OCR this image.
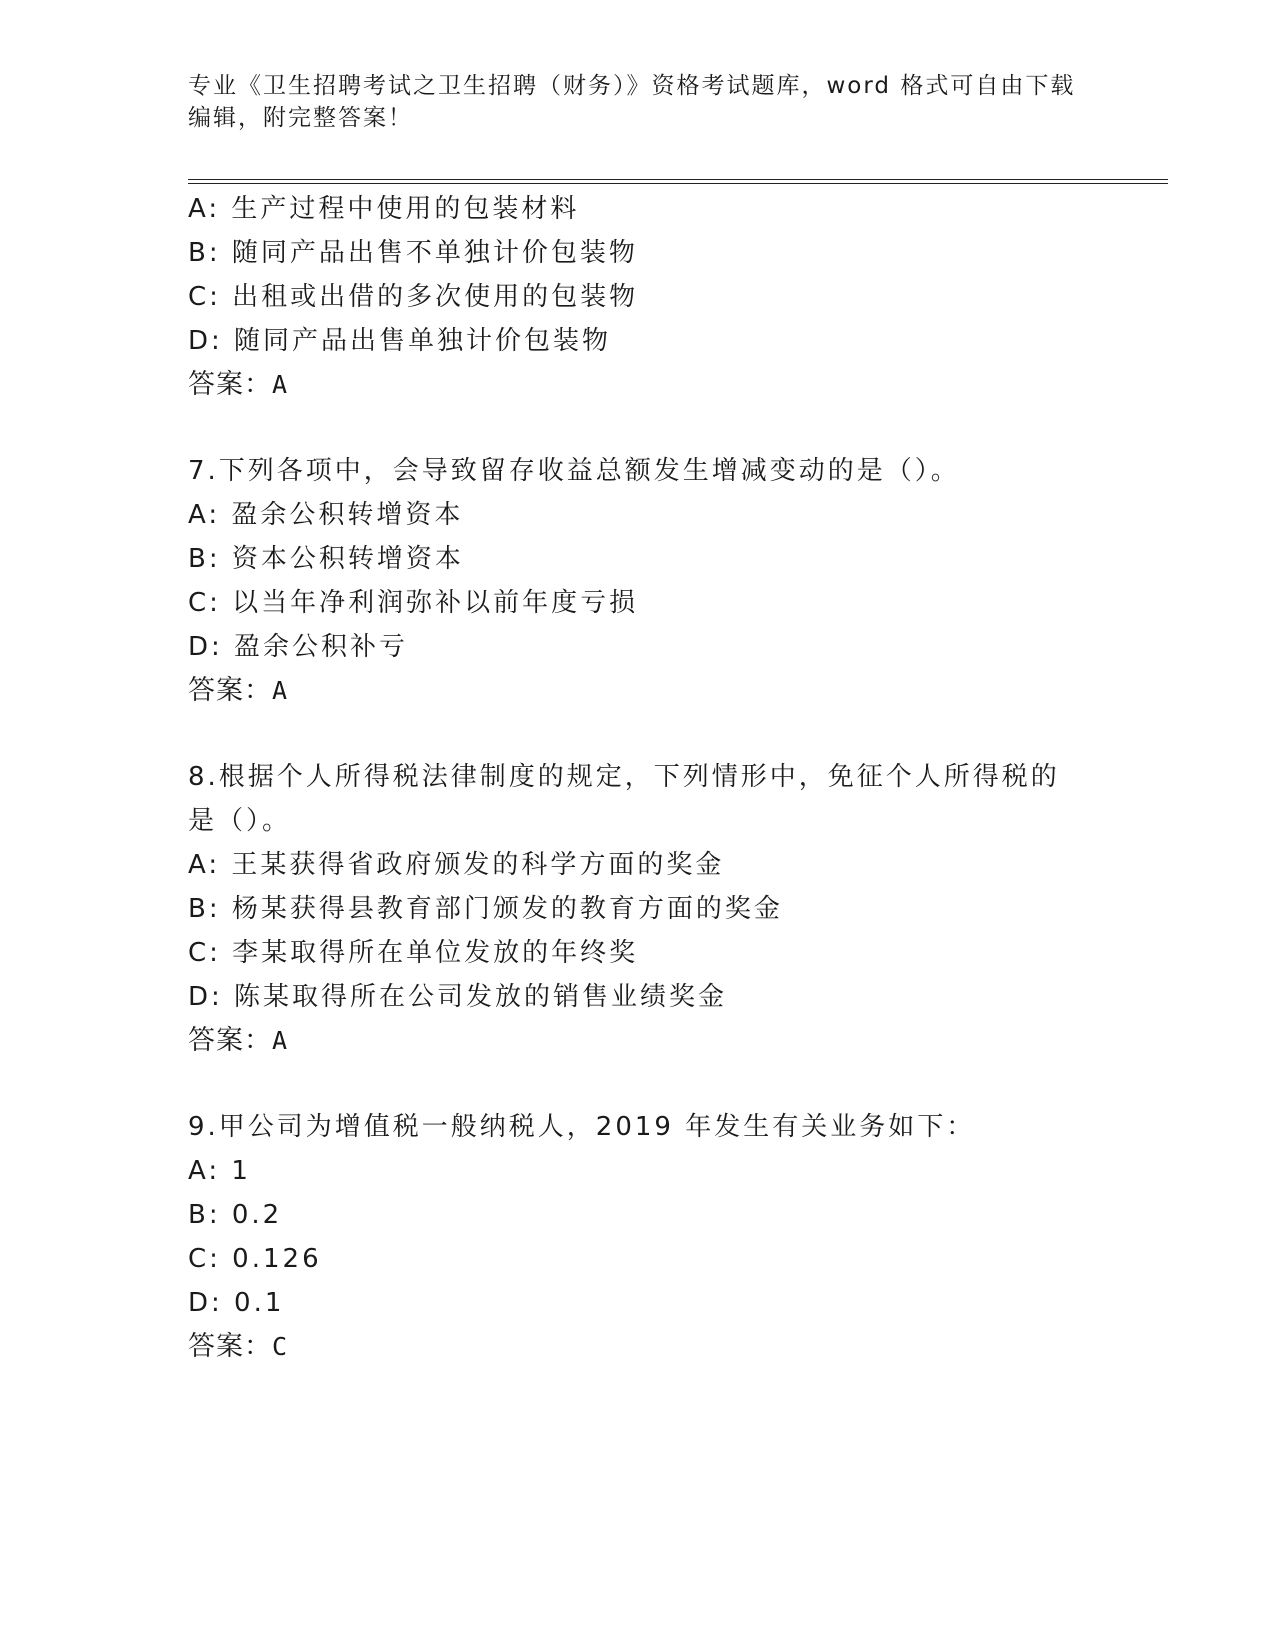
专业《卫生招聘考试之卫生招聘（财务）》资格考试题库，word 格式可自由下载
编辑，附完整答案！
A: 生产过程中使用的包装材料
B: 随同产品出售不单独计价包装物
C: 出租或出借的多次使用的包装物
D: 随同产品出售单独计价包装物
答案：A
7.下列各项中，会导致留存收益总额发生增减变动的是（）。
A: 盈余公积转增资本
B: 资本公积转增资本
C: 以当年净利润弥补以前年度亏损
D: 盈余公积补亏
答案：A
8.根据个人所得税法律制度的规定，下列情形中，免征个人所得税的
是（）。
A: 王某获得省政府颁发的科学方面的奖金
B: 杨某获得县教育部门颁发的教育方面的奖金
C: 李某取得所在单位发放的年终奖
D: 陈某取得所在公司发放的销售业绩奖金
答案：A
9.甲公司为增值税一般纳税人，2019 年发生有关业务如下：
A: 1
B: 0.2
C: 0.126
D: 0.1
答案：C
